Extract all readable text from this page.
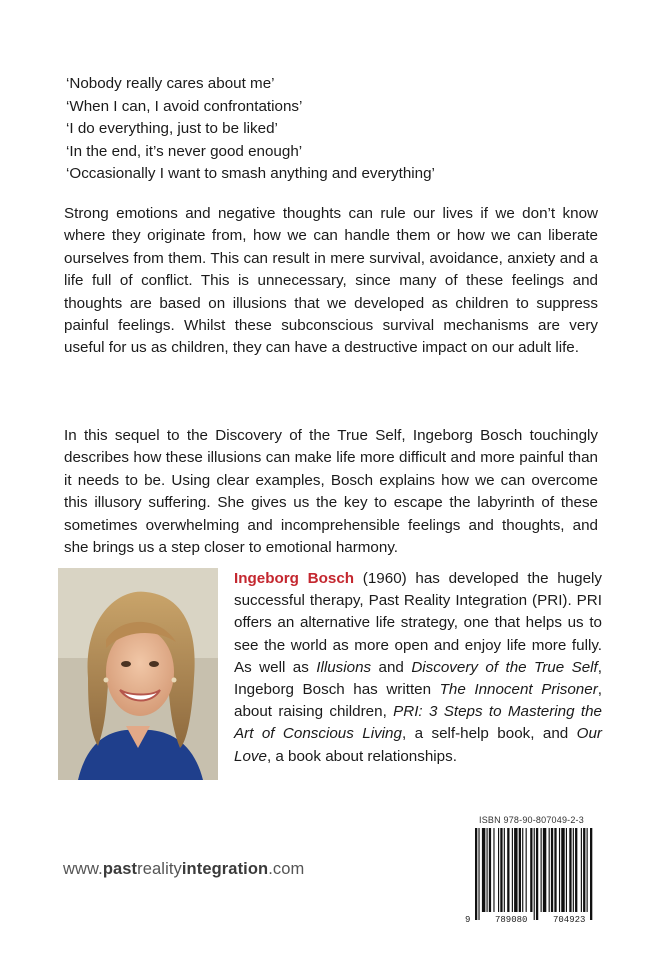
‘Nobody really cares about me’
‘When I can, I avoid confrontations’
‘I do everything, just to be liked’
‘In the end, it’s never good enough’
‘Occasionally I want to smash anything and everything’
Strong emotions and negative thoughts can rule our lives if we don’t know where they originate from, how we can handle them or how we can liberate ourselves from them. This can result in mere survival, avoidance, anxiety and a life full of conflict. This is unnecessary, since many of these feelings and thoughts are based on illusions that we developed as children to suppress painful feelings. Whilst these subconscious survival mechanisms are very useful for us as children, they can have a destructive impact on our adult life.
In this sequel to the Discovery of the True Self, Ingeborg Bosch touchingly describes how these illusions can make life more difficult and more painful than it needs to be. Using clear examples, Bosch explains how we can overcome this illusory suffering. She gives us the key to escape the labyrinth of these sometimes overwhelming and incomprehensible feelings and thoughts, and she brings us a step closer to emotional harmony.
Ingeborg Bosch (1960) has developed the hugely successful therapy, Past Reality Integration (PRI). PRI offers an alternative life strategy, one that helps us to see the world as more open and enjoy life more fully. As well as Illusions and Discovery of the True Self, Ingeborg Bosch has written The Innocent Prisoner, about raising children, PRI: 3 Steps to Mastering the Art of Conscious Living, a self-help book, and Our Love, a book about relationships.
www.pastrealityintegration.com
ISBN 978-90-807049-2-3
9	789080	704923
